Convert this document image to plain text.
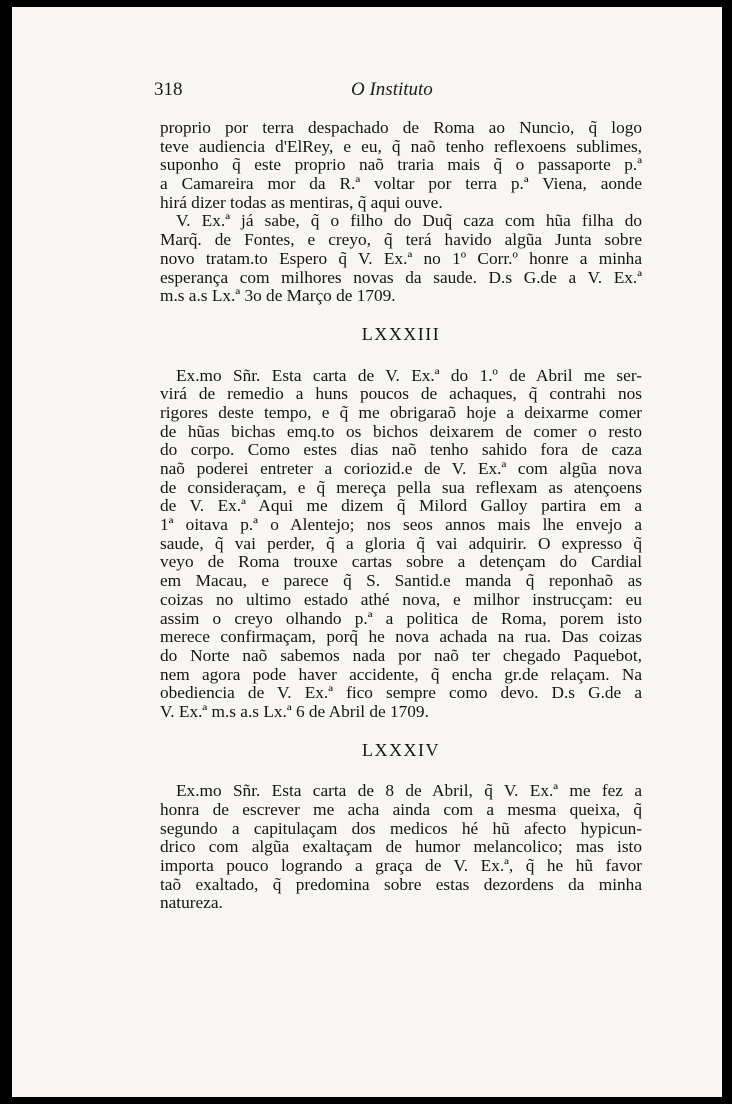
318	O Instituto
proprio por terra despachado de Roma ao Nuncio, q̃ logo
teve audiencia d'ElRey, e eu, q̃ naõ tenho reflexoens sublimes,
suponho q̃ este proprio naõ traria mais q̃ o passaporte p.ª
a Camareira mor da R.ª voltar por terra p.ª Viena, aonde
hirá dizer todas as mentiras, q̃ aqui ouve.
V. Ex.ª já sabe, q̃ o filho do Duq̃ caza com hũa filha do
Marq̃. de Fontes, e creyo, q̃ terá havido algũa Junta sobre
novo tratam.to Espero q̃ V. Ex.ª no 1º Corr.º honre a minha
esperança com milhores novas da saude. D.s G.de a V. Ex.ª
m.s a.s Lx.ª 3o de Março de 1709.
LXXXIII
Ex.mo Sñr. Esta carta de V. Ex.ª do 1.º de Abril me ser-
virá de remedio a huns poucos de achaques, q̃ contrahi nos
rigores deste tempo, e q̃ me obrigaraõ hoje a deixarme comer
de hũas bichas emq.to os bichos deixarem de comer o resto
do corpo. Como estes dias naõ tenho sahido fora de caza
naõ poderei entreter a coriozid.e de V. Ex.ª com algũa nova
de consideraçam, e q̃ mereça pella sua reflexam as atençoens
de V. Ex.ª Aqui me dizem q̃ Milord Galloy partira em a
1ª oitava p.ª o Alentejo; nos seos annos mais lhe envejo a
saude, q̃ vai perder, q̃ a gloria q̃ vai adquirir. O expresso q̃
veyo de Roma trouxe cartas sobre a detençam do Cardial
em Macau, e parece q̃ S. Santid.e manda q̃ reponhaõ as
coizas no ultimo estado athé nova, e milhor instrucçam: eu
assim o creyo olhando p.ª a politica de Roma, porem isto
merece confirmaçam, porq̃ he nova achada na rua. Das coizas
do Norte naõ sabemos nada por naõ ter chegado Paquebot,
nem agora pode haver accidente, q̃ encha gr.de relaçam. Na
obediencia de V. Ex.ª fico sempre como devo. D.s G.de a
V. Ex.ª m.s a.s Lx.ª 6 de Abril de 1709.
LXXXIV
Ex.mo Sñr. Esta carta de 8 de Abril, q̃ V. Ex.ª me fez a
honra de escrever me acha ainda com a mesma queixa, q̃
segundo a capitulaçam dos medicos hé hũ afecto hypicun-
drico com algũa exaltaçam de humor melancolico; mas isto
importa pouco logrando a graça de V. Ex.ª, q̃ he hũ favor
taõ exaltado, q̃ predomina sobre estas dezordens da minha
natureza.
